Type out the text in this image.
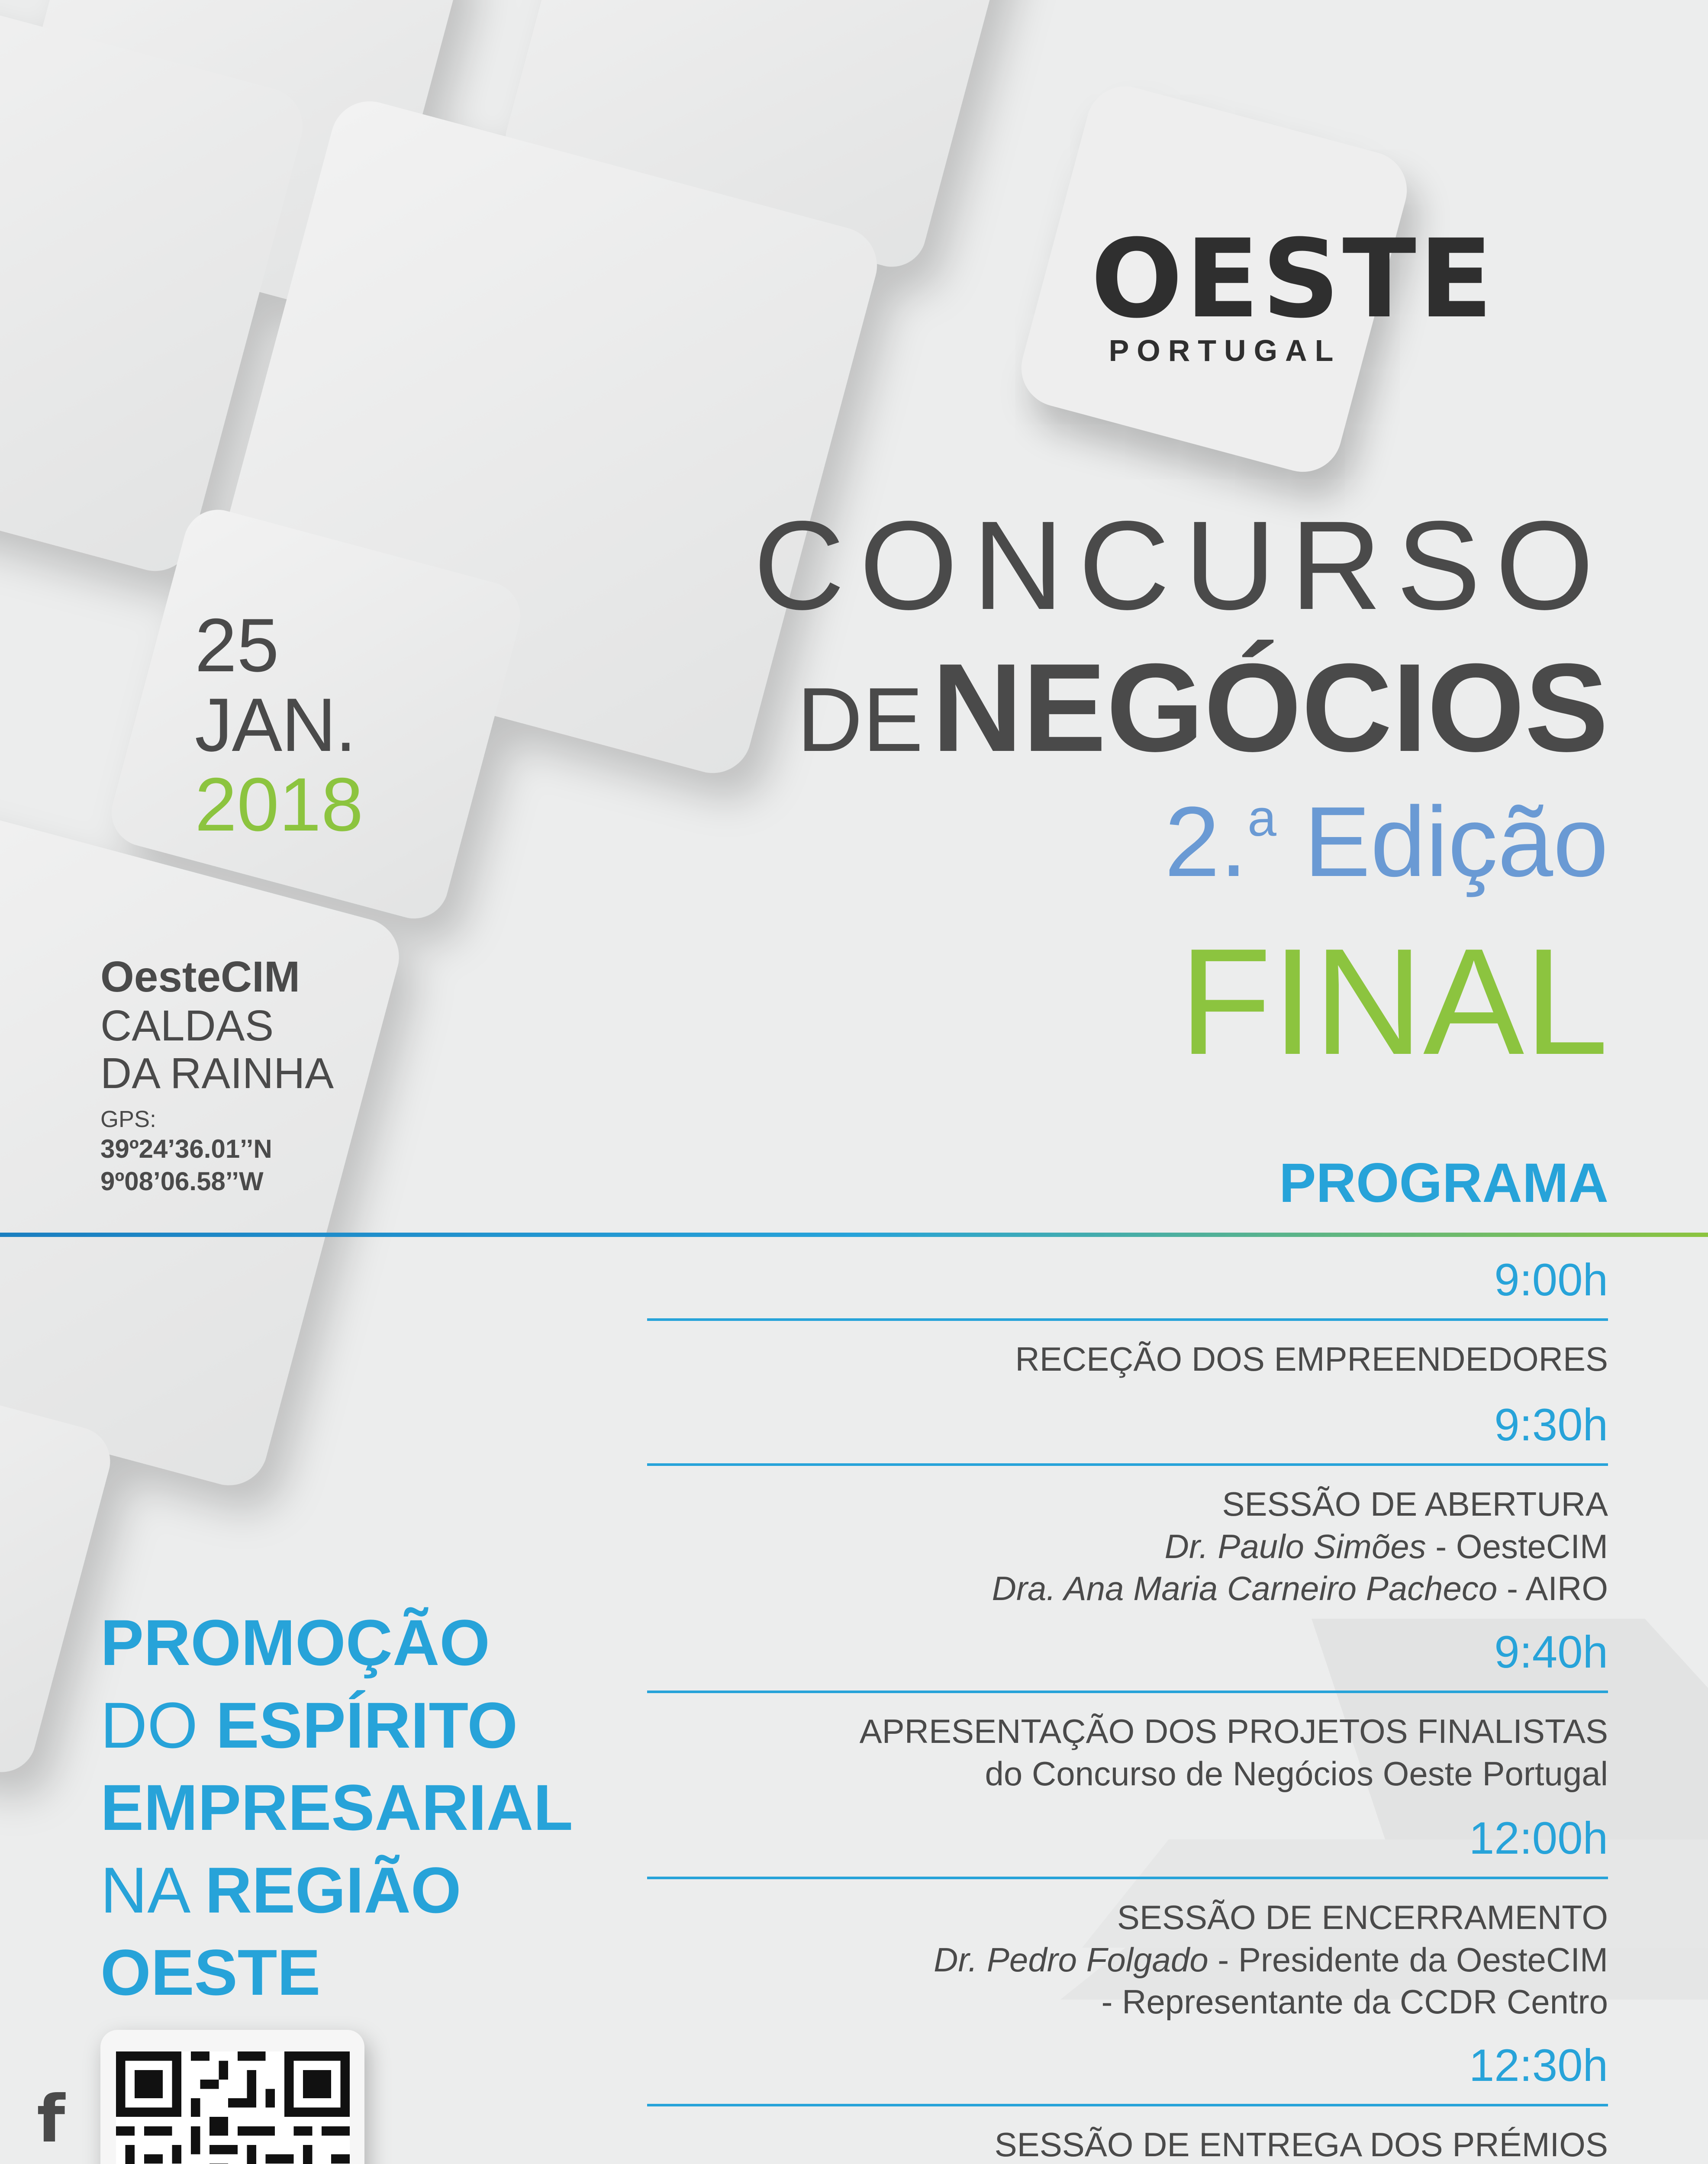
OESTE
PORTUGAL
CONCURSO
DENEGÓCIOS
2.$^a$ Edição
FINAL
25
JAN.
2018
OesteCIM
CALDAS
DA RAINHA
GPS:
39º24’36.01’’N
9º08’06.58’’W	PROGRAMA
9:00h
RECEÇÃO DOS EMPREENDEDORES
9:30h
SESSÃO DE ABERTURA
Dr. Paulo Simões - OesteCIM
Dra. Ana Maria Carneiro Pacheco - AIRO
9:40h
APRESENTAÇÃO DOS PROJETOS FINALISTAS
do Concurso de Negócios Oeste Portugal
12:00h
SESSÃO DE ENCERRAMENTO
Dr. Pedro Folgado - Presidente da OesteCIM
- Representante da CCDR Centro
12:30h
SESSÃO DE ENTREGA DOS PRÉMIOS
PROMOÇÃO
DO ESPÍRITO
EMPRESARIAL
NA REGIÃO
OESTE
f
